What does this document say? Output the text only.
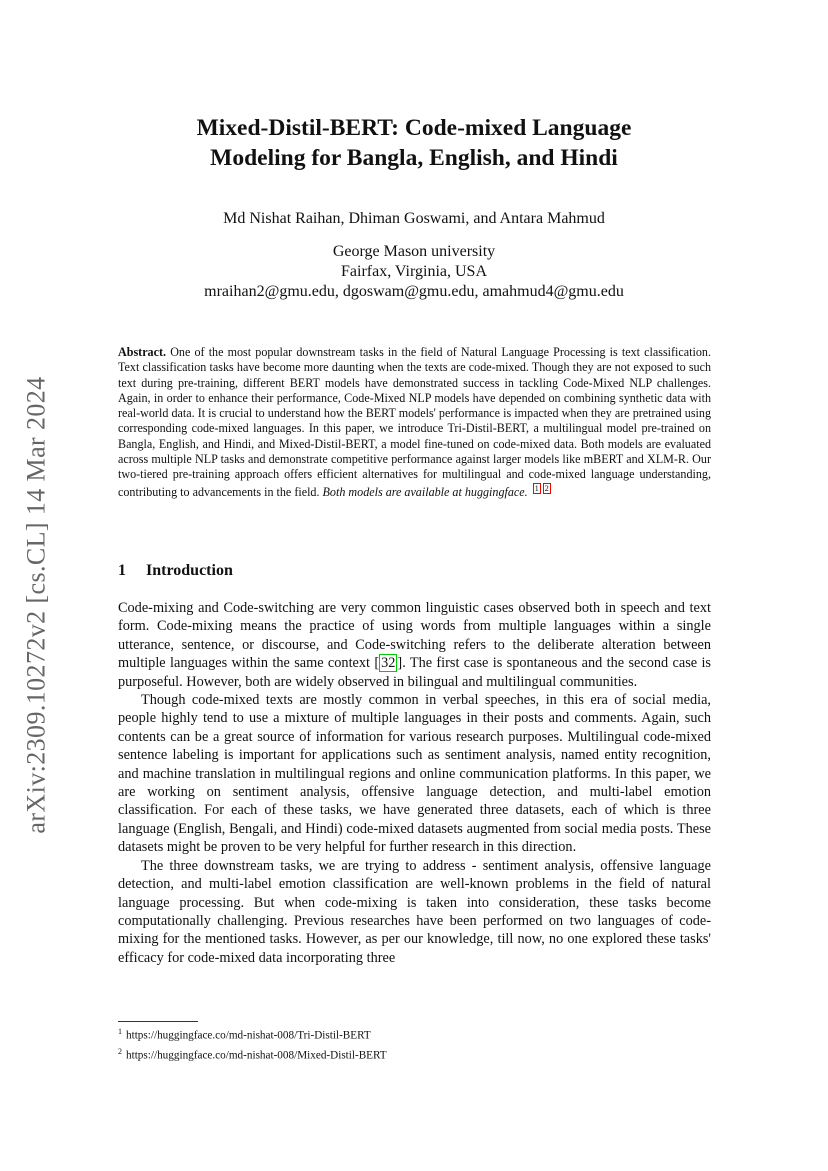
arXiv:2309.10272v2 [cs.CL] 14 Mar 2024
Mixed-Distil-BERT: Code-mixed Language
Modeling for Bangla, English, and Hindi
Md Nishat Raihan, Dhiman Goswami, and Antara Mahmud
George Mason university
Fairfax, Virginia, USA
mraihan2@gmu.edu, dgoswam@gmu.edu, amahmud4@gmu.edu
Abstract. One of the most popular downstream tasks in the field of Natural Language Processing is text classification. Text classification tasks have become more daunting when the texts are code-mixed. Though they are not exposed to such text during pre-training, different BERT models have demonstrated success in tackling Code-Mixed NLP challenges. Again, in order to enhance their performance, Code-Mixed NLP models have depended on combining synthetic data with real-world data. It is crucial to understand how the BERT models' performance is impacted when they are pretrained using corresponding code-mixed languages. In this paper, we introduce Tri-Distil-BERT, a multilingual model pre-trained on Bangla, English, and Hindi, and Mixed-Distil-BERT, a model fine-tuned on code-mixed data. Both models are evaluated across multiple NLP tasks and demonstrate competitive performance against larger models like mBERT and XLM-R. Our two-tiered pre-training approach offers efficient alternatives for multilingual and code-mixed language understanding, contributing to advancements in the field. Both models are available at huggingface. 1 2
1 Introduction

Code-mixing and Code-switching are very common linguistic cases observed both in speech and text form. Code-mixing means the practice of using words from multiple languages within a single utterance, sentence, or discourse, and Code-switching refers to the deliberate alteration between multiple languages within the same context [ 32 ]. The first case is spontaneous and the second case is purposeful. However, both are widely observed in bilingual and multilingual communities.

Though code-mixed texts are mostly common in verbal speeches, in this era of social media, people highly tend to use a mixture of multiple languages in their posts and comments. Again, such contents can be a great source of information for various research purposes. Multilingual code-mixed sentence labeling is important for applications such as sentiment analysis, named entity recognition, and machine translation in multilingual regions and online communication platforms. In this paper, we are working on sentiment analysis, offensive language detection, and multi-label emotion classification. For each of these tasks, we have generated three datasets, each of which is three language (English, Bengali, and Hindi) code-mixed datasets augmented from social media posts. These datasets might be proven to be very helpful for further research in this direction.

The three downstream tasks, we are trying to address - sentiment analysis, offensive language detection, and multi-label emotion classification are well-known problems in the field of natural language processing. But when code-mixing is taken into consideration, these tasks become computationally challenging. Previous researches have been performed on two languages of code-mixing for the mentioned tasks. However, as per our knowledge, till now, no one explored these tasks' efficacy for code-mixed data incorporating three

$^1$ https://huggingface.co/md-nishat-008/Tri-Distil-BERT
$^2$ https://huggingface.co/md-nishat-008/Mixed-Distil-BERT
